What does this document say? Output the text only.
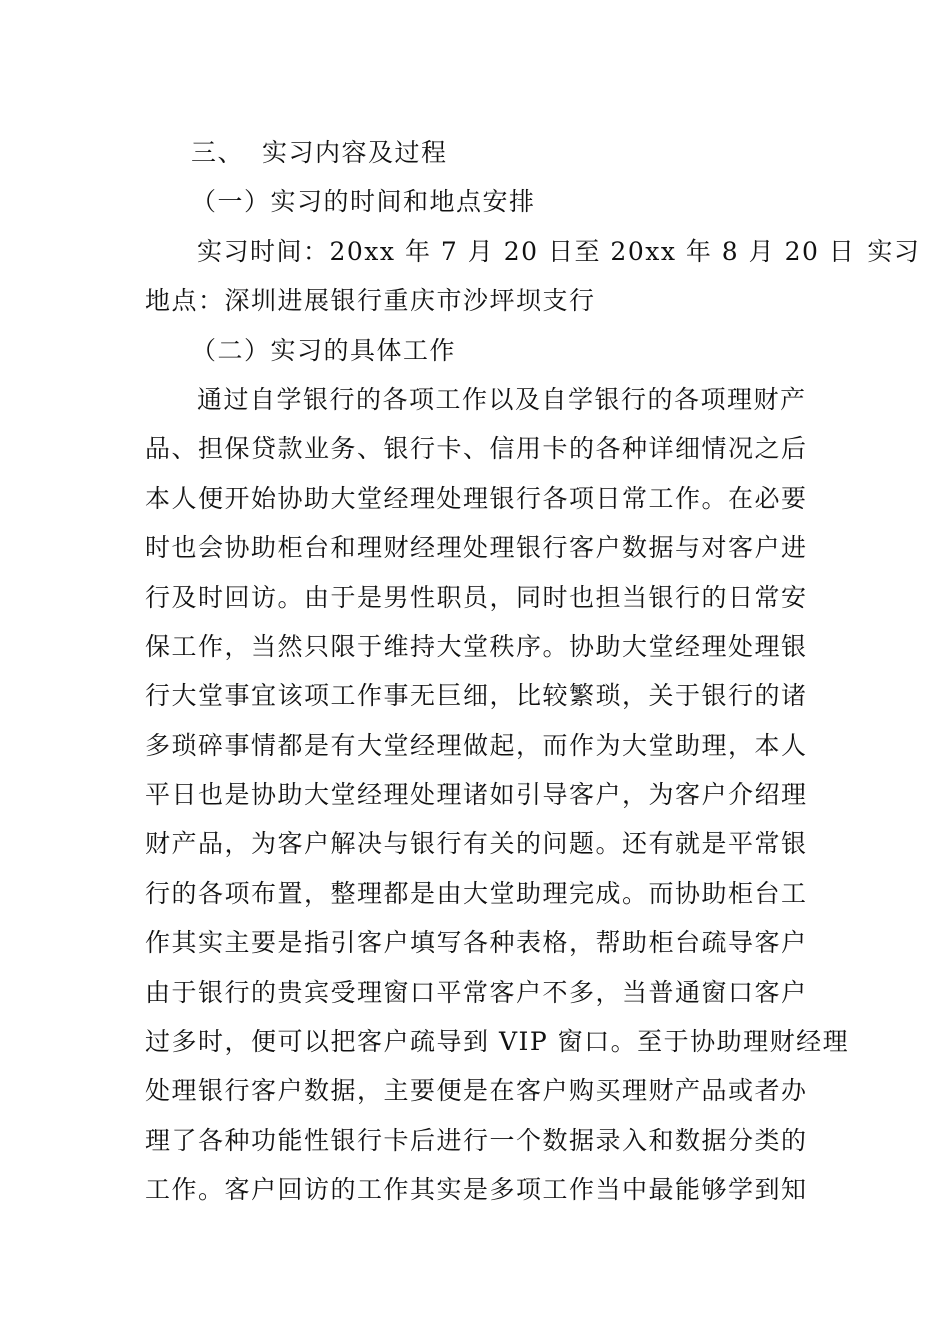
三、 实习内容及过程
（一）实习的时间和地点安排
实习时间：20xx 年 7 月 20 日至 20xx 年 8 月 20 日 实习
地点：深圳进展银行重庆市沙坪坝支行
（二）实习的具体工作
通过自学银行的各项工作以及自学银行的各项理财产
品、担保贷款业务、银行卡、信用卡的各种详细情况之后
本人便开始协助大堂经理处理银行各项日常工作。在必要
时也会协助柜台和理财经理处理银行客户数据与对客户进
行及时回访。由于是男性职员，同时也担当银行的日常安
保工作，当然只限于维持大堂秩序。协助大堂经理处理银
行大堂事宜该项工作事无巨细，比较繁琐，关于银行的诸
多琐碎事情都是有大堂经理做起，而作为大堂助理，本人
平日也是协助大堂经理处理诸如引导客户，为客户介绍理
财产品，为客户解决与银行有关的问题。还有就是平常银
行的各项布置，整理都是由大堂助理完成。而协助柜台工
作其实主要是指引客户填写各种表格，帮助柜台疏导客户
由于银行的贵宾受理窗口平常客户不多，当普通窗口客户
过多时，便可以把客户疏导到 VIP 窗口。至于协助理财经理
处理银行客户数据，主要便是在客户购买理财产品或者办
理了各种功能性银行卡后进行一个数据录入和数据分类的
工作。客户回访的工作其实是多项工作当中最能够学到知
